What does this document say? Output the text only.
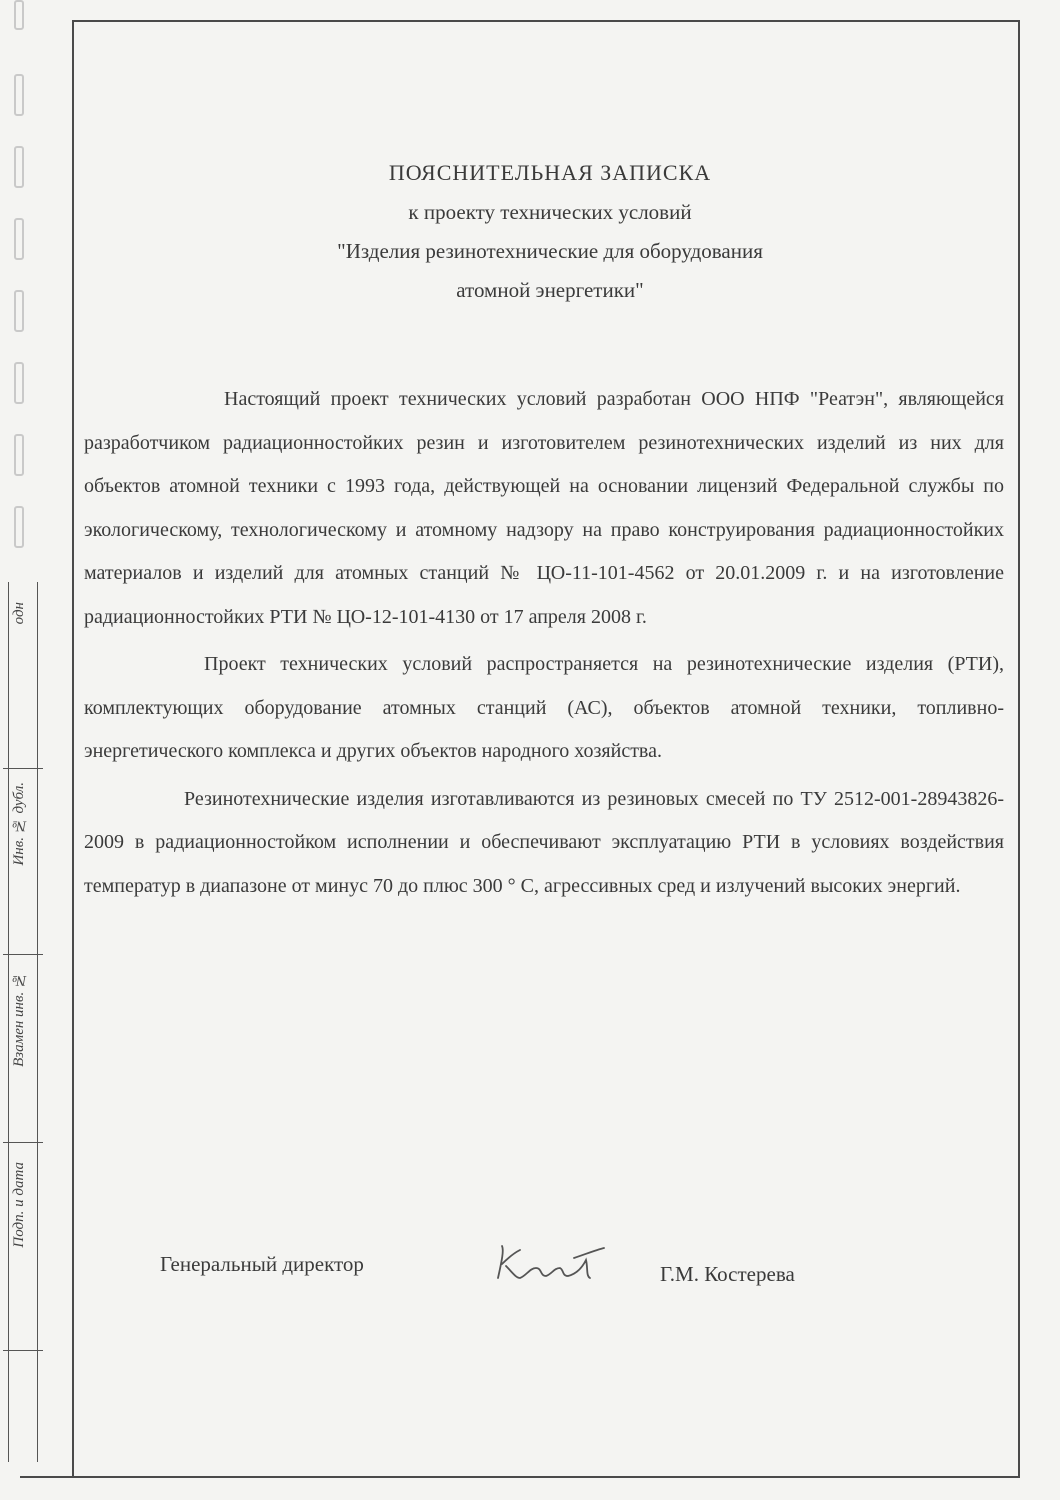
одн
Инв. № дубл.
Взамен инв. №
Подп. и дата
ПОЯСНИТЕЛЬНАЯ ЗАПИСКА
к проекту технических условий
"Изделия резинотехнические для оборудования
атомной энергетики"

Настоящий проект технических условий разработан ООО НПФ "Реатэн", являющейся разработчиком радиационностойких резин и изготовителем резинотехнических изделий из них для объектов атомной техники с 1993 года, действующей на основании лицензий Федеральной службы по экологическому, технологическому и атомному надзору на право конструирования радиационностойких материалов и изделий для атомных станций № ЦО-11-101-4562 от 20.01.2009 г. и на изготовление радиационностойких РТИ № ЦО-12-101-4130 от 17 апреля 2008 г.

Проект технических условий распространяется на резинотехнические изделия (РТИ), комплектующих оборудование атомных станций (АС), объектов атомной техники, топливно-энергетического комплекса и других объектов народного хозяйства.

Резинотехнические изделия изготавливаются из резиновых смесей по ТУ 2512-001-28943826-2009 в радиационностойком исполнении и обеспечивают эксплуатацию РТИ в условиях воздействия температур в диапазоне от минус 70 до плюс 300 ° С, агрессивных сред и излучений высоких энергий.

Генеральный директор	Г.М. Костерева
